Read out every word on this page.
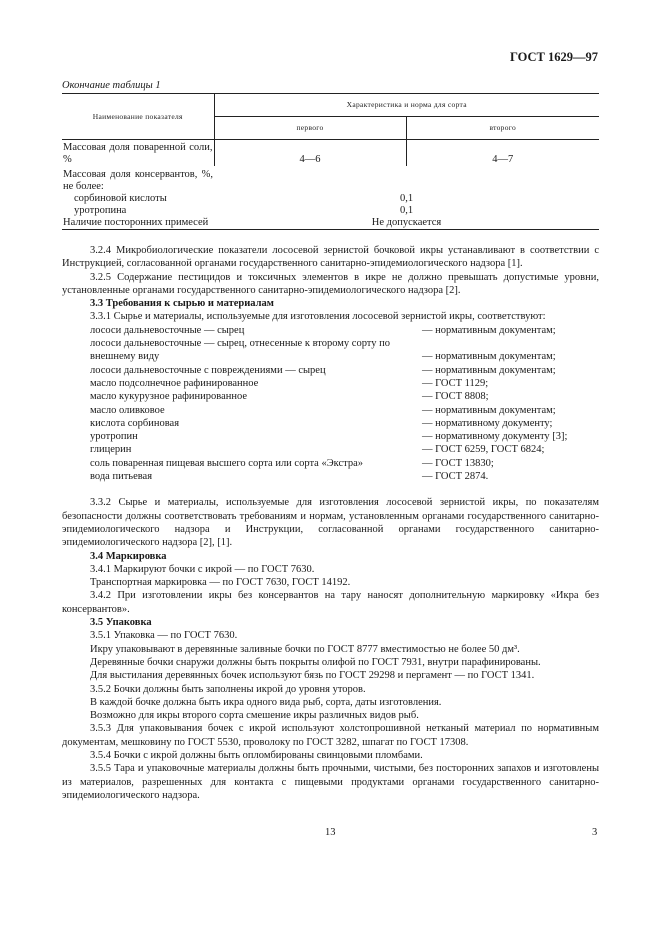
ГОСТ 1629—97
Окончание таблицы 1
Наименование показателя	Характеристика и норма для сорта	
	первого	второго
Массовая доля поваренной соли, %	4—6	4—7
Массовая доля консервантов, %, не более:		
сорбиновой кислоты	0,1	
уротропина	0,1	
Наличие посторонних примесей	Не допускается	

3.2.4 Микробиологические показатели лососевой зернистой бочковой икры устанавливают в соответствии с Инструкцией, согласованной органами государственного санитарно-эпидемиологического надзора [1].

3.2.5 Содержание пестицидов и токсичных элементов в икре не должно превышать допустимые уровни, установленные органами государственного санитарно-эпидемиологического надзора [2].

3.3 Требования к сырью и материалам

3.3.1 Сырье и материалы, используемые для изготовления лососевой зернистой икры, соответствуют:

лососи дальневосточные — сырец	— нормативным документам;
лососи дальневосточные — сырец, отнесенные к второму сорту по внешнему виду	— нормативным документам;
лососи дальневосточные с повреждениями — сырец	— нормативным документам;
масло подсолнечное рафинированное	— ГОСТ 1129;
масло кукурузное рафинированное	— ГОСТ 8808;
масло оливковое	— нормативным документам;
кислота сорбиновая	— нормативному документу;
уротропин	— нормативному документу [3];
глицерин	— ГОСТ 6259, ГОСТ 6824;
соль поваренная пищевая высшего сорта или сорта «Экстра»	— ГОСТ 13830;
вода питьевая	— ГОСТ 2874.

3.3.2 Сырье и материалы, используемые для изготовления лососевой зернистой икры, по показателям безопасности должны соответствовать требованиям и нормам, установленным органами государственного санитарно-эпидемиологического надзора и Инструкции, согласованной органами государственного санитарно-эпидемиологического надзора [2], [1].

3.4 Маркировка

3.4.1 Маркируют бочки с икрой — по ГОСТ 7630.

Транспортная маркировка — по ГОСТ 7630, ГОСТ 14192.

3.4.2 При изготовлении икры без консервантов на тару наносят дополнительную маркировку «Икра без консервантов».

3.5 Упаковка

3.5.1 Упаковка — по ГОСТ 7630.

Икру упаковывают в деревянные заливные бочки по ГОСТ 8777 вместимостью не более 50 дм³.

Деревянные бочки снаружи должны быть покрыты олифой по ГОСТ 7931, внутри парафинированы.

Для выстилания деревянных бочек используют бязь по ГОСТ 29298 и пергамент — по ГОСТ 1341.

3.5.2 Бочки должны быть заполнены икрой до уровня уторов.

В каждой бочке должна быть икра одного вида рыб, сорта, даты изготовления.

Возможно для икры второго сорта смешение икры различных видов рыб.

3.5.3 Для упаковывания бочек с икрой используют холстопрошивной нетканый материал по нормативным документам, мешковину по ГОСТ 5530, проволоку по ГОСТ 3282, шпагат по ГОСТ 17308.

3.5.4 Бочки с икрой должны быть опломбированы свинцовыми пломбами.

3.5.5 Тара и упаковочные материалы должны быть прочными, чистыми, без посторонних запахов и изготовлены из материалов, разрешенных для контакта с пищевыми продуктами органами государственного санитарно-эпидемиологического надзора.

13	3
